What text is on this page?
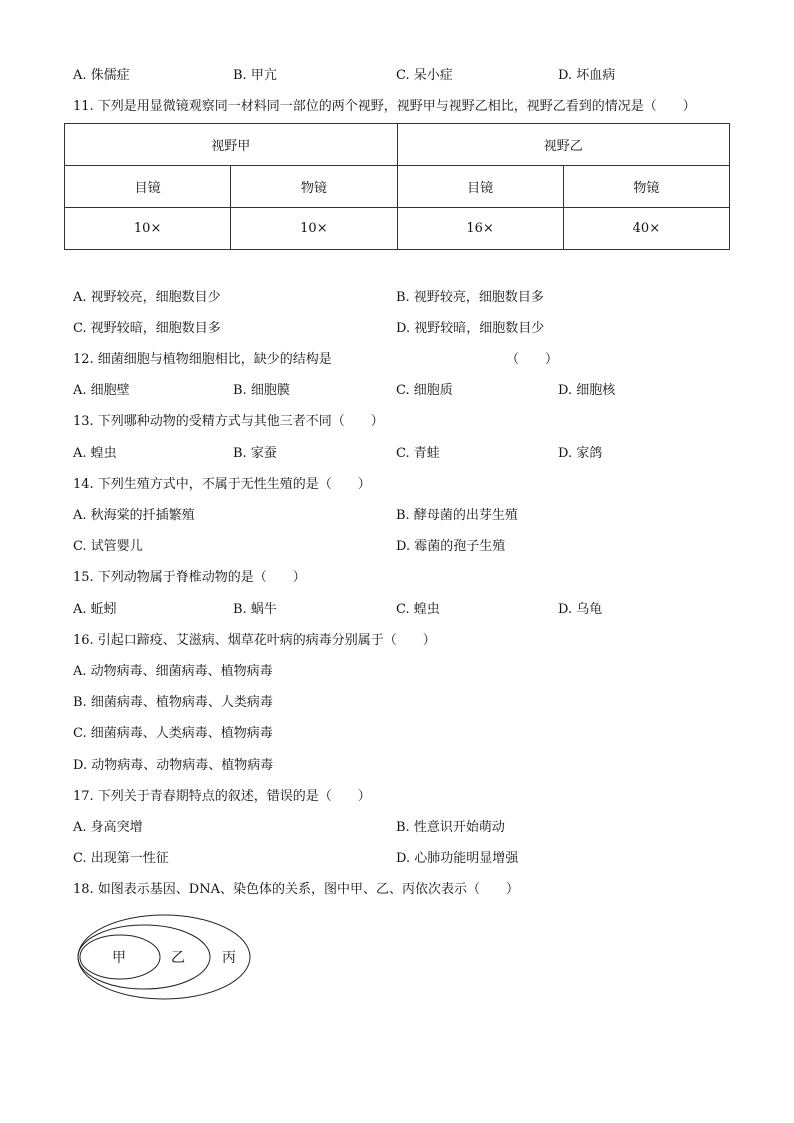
A. 侏儒症	B. 甲亢	C. 呆小症	D. 坏血病
11. 下列是用显微镜观察同一材料同一部位的两个视野，视野甲与视野乙相比，视野乙看到的情况是（　　）
视野甲		视野乙	
目镜	物镜	目镜	物镜
10×	10×	16×	40×
A. 视野较亮，细胞数目少	B. 视野较亮，细胞数目多
C. 视野较暗，细胞数目多	D. 视野较暗，细胞数目少
12. 细菌细胞与植物细胞相比，缺少的结构是	（　　）
A. 细胞壁	B. 细胞膜	C. 细胞质	D. 细胞核
13. 下列哪种动物的受精方式与其他三者不同（　　）
A. 蝗虫	B. 家蚕	C. 青蛙	D. 家鸽
14. 下列生殖方式中，不属于无性生殖的是（　　）
A. 秋海棠的扦插繁殖	B. 酵母菌的出芽生殖
C. 试管婴儿	D. 霉菌的孢子生殖
15. 下列动物属于脊椎动物的是（　　）
A. 蚯蚓	B. 蜗牛	C. 蝗虫	D. 乌龟
16. 引起口蹄疫、艾滋病、烟草花叶病的病毒分别属于（　　）
A. 动物病毒、细菌病毒、植物病毒
B. 细菌病毒、植物病毒、人类病毒
C. 细菌病毒、人类病毒、植物病毒
D. 动物病毒、动物病毒、植物病毒
17. 下列关于青春期特点的叙述，错误的是（　　）
A. 身高突增	B. 性意识开始萌动
C. 出现第一性征	D. 心肺功能明显增强
18. 如图表示基因、DNA、染色体的关系，图中甲、乙、丙依次表示（　　）
甲	乙	丙
